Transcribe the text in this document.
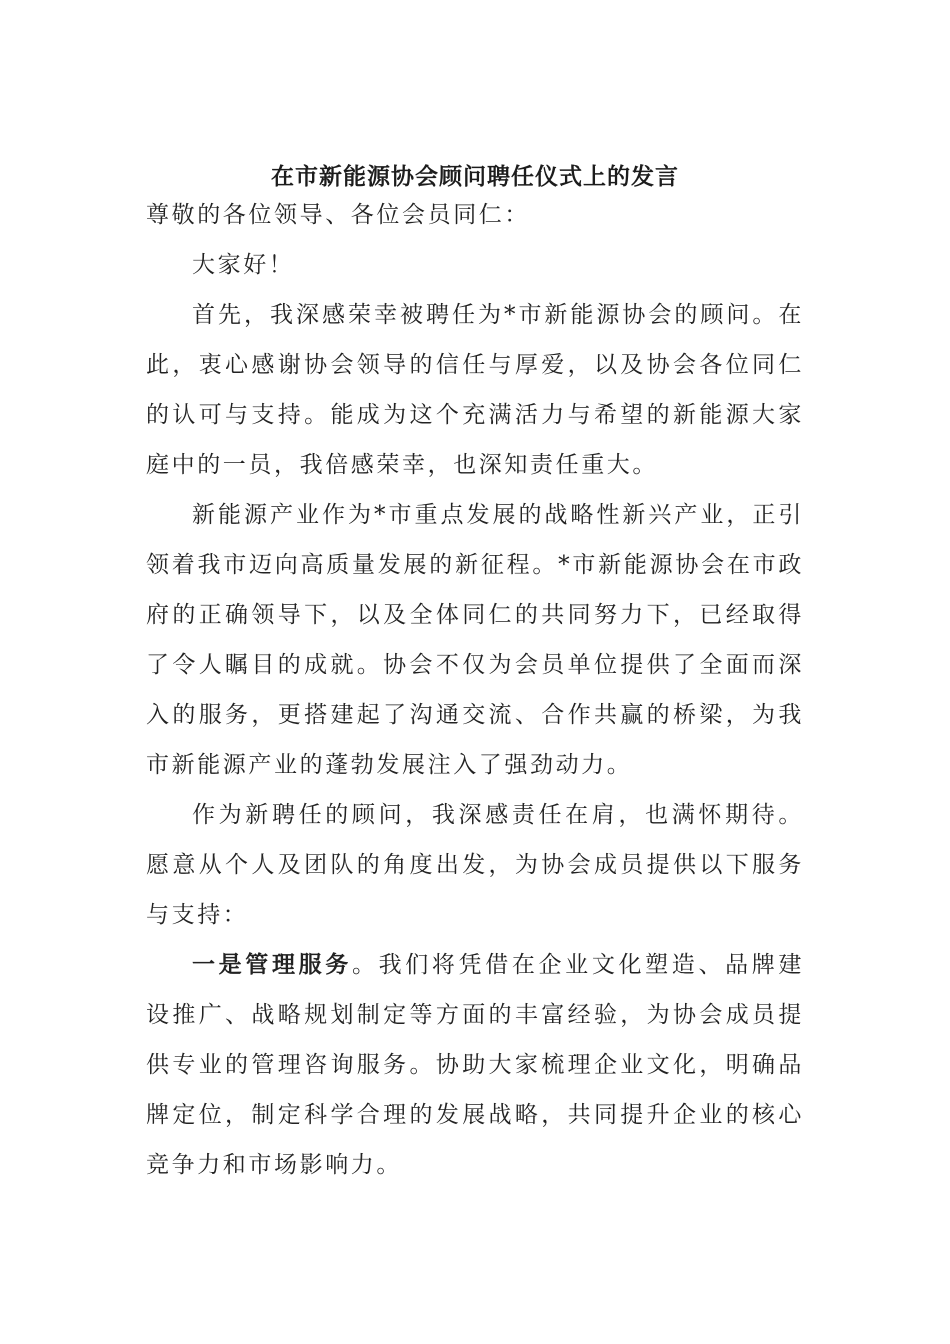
在市新能源协会顾问聘任仪式上的发言

尊敬的各位领导、各位会员同仁：

大家好！

首先，我深感荣幸被聘任为*市新能源协会的顾问。在此，衷心感谢协会领导的信任与厚爱，以及协会各位同仁的认可与支持。能成为这个充满活力与希望的新能源大家庭中的一员，我倍感荣幸，也深知责任重大。

新能源产业作为*市重点发展的战略性新兴产业，正引领着我市迈向高质量发展的新征程。*市新能源协会在市政府的正确领导下，以及全体同仁的共同努力下，已经取得了令人瞩目的成就。协会不仅为会员单位提供了全面而深入的服务，更搭建起了沟通交流、合作共赢的桥梁，为我市新能源产业的蓬勃发展注入了强劲动力。

作为新聘任的顾问，我深感责任在肩，也满怀期待。愿意从个人及团队的角度出发，为协会成员提供以下服务与支持：

一是管理服务。我们将凭借在企业文化塑造、品牌建设推广、战略规划制定等方面的丰富经验，为协会成员提供专业的管理咨询服务。协助大家梳理企业文化，明确品牌定位，制定科学合理的发展战略，共同提升企业的核心竞争力和市场影响力。
